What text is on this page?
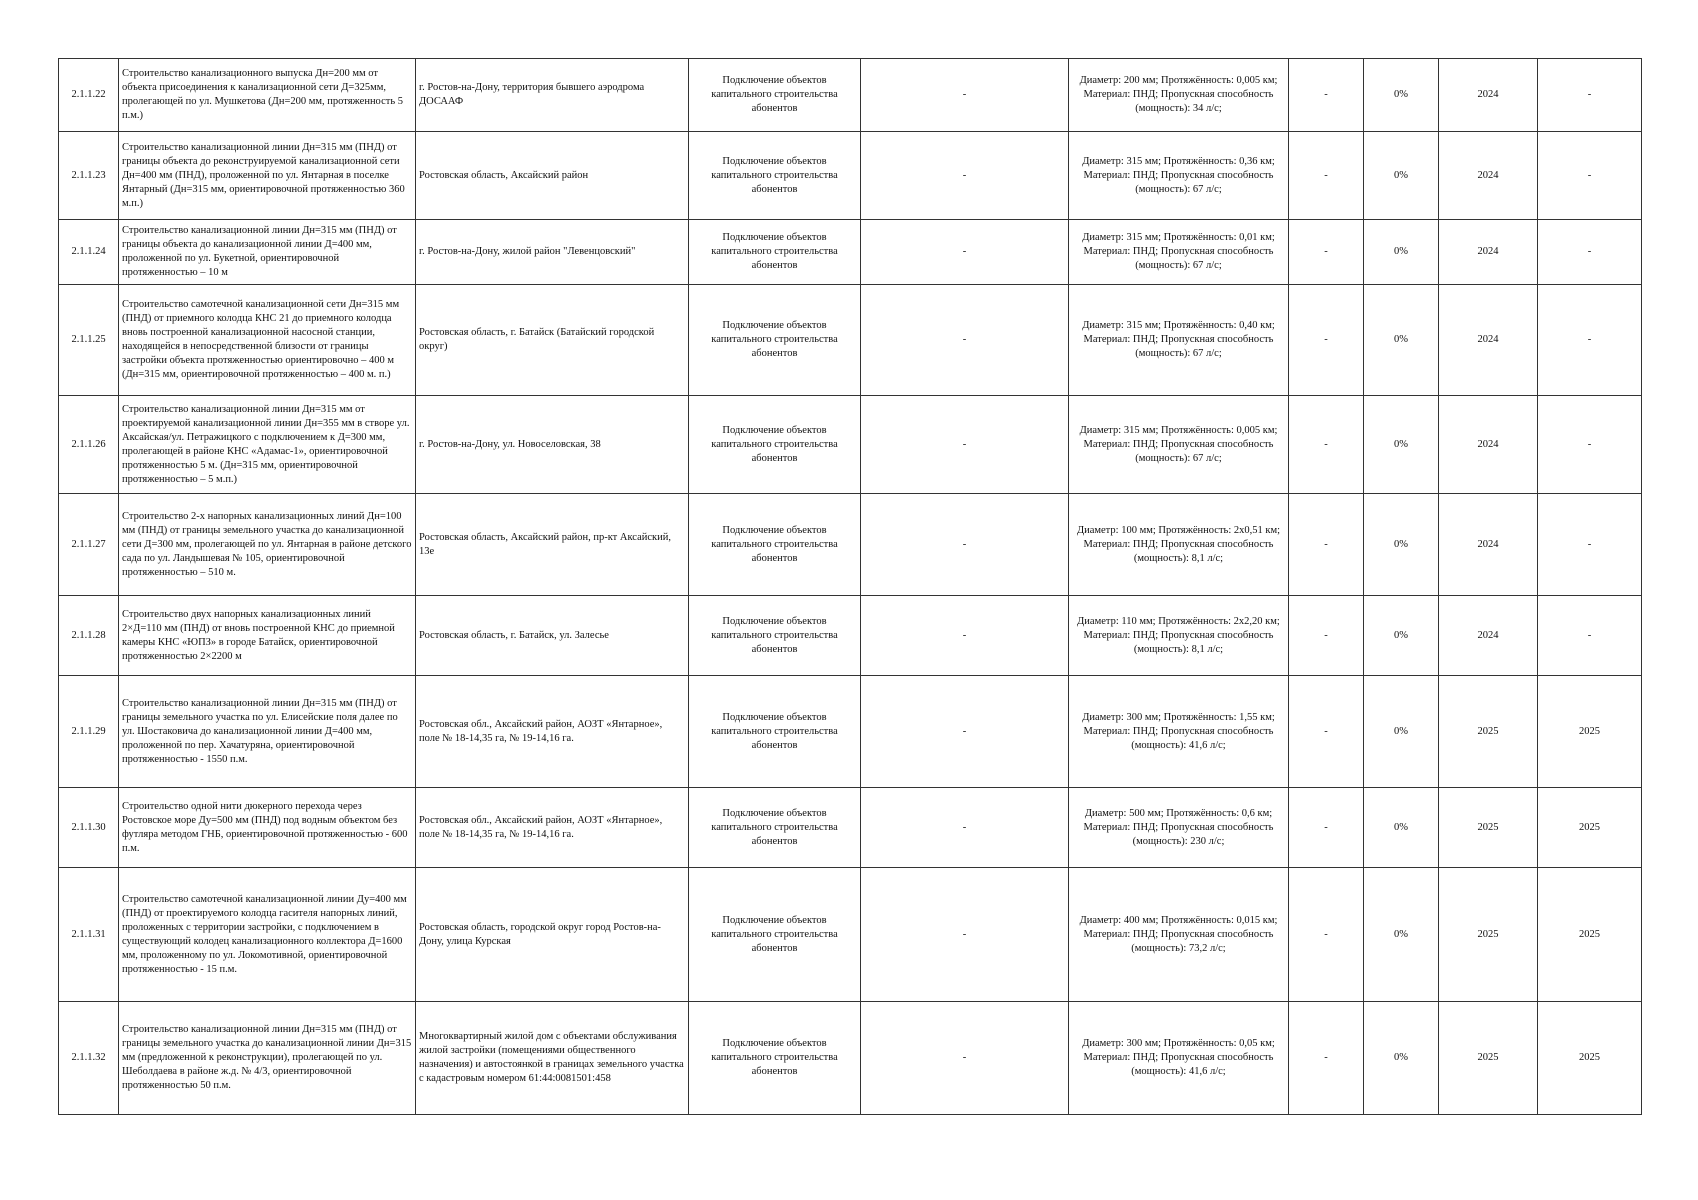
2.1.1.22	Строительство канализационного выпуска Дн=200 мм от объекта присоединения к канализационной сети Д=325мм, пролегающей по ул. Мушкетова (Дн=200 мм, протяженность 5 п.м.)	г. Ростов-на-Дону, территория бывшего аэродрома ДОСААФ	Подключение объектов капитального строительства абонентов	-		Диаметр: 200 мм; Протяжённость: 0,005 км; Материал: ПНД; Пропускная способность (мощность): 34 л/с;	-	0%	2024	-
2.1.1.23	Строительство канализационной линии Дн=315 мм (ПНД) от границы объекта до реконструируемой канализационной сети Дн=400 мм (ПНД), проложенной по ул. Янтарная в поселке Янтарный (Дн=315 мм, ориентировочной протяженностью 360 м.п.)	Ростовская область, Аксайский район	Подключение объектов капитального строительства абонентов	-		Диаметр: 315 мм; Протяжённость: 0,36 км; Материал: ПНД; Пропускная способность (мощность): 67 л/с;	-	0%	2024	-
2.1.1.24	Строительство канализационной линии Дн=315 мм (ПНД) от границы объекта до канализационной линии Д=400 мм, проложенной по ул. Букетной, ориентировочной протяженностью – 10 м	г. Ростов-на-Дону, жилой район "Левенцовский"	Подключение объектов капитального строительства абонентов	-		Диаметр: 315 мм; Протяжённость: 0,01 км; Материал: ПНД; Пропускная способность (мощность): 67 л/с;	-	0%	2024	-
2.1.1.25	Строительство самотечной канализационной сети Дн=315 мм (ПНД) от приемного колодца КНС 21 до приемного колодца вновь построенной канализационной насосной станции, находящейся в непосредственной близости от границы застройки объекта протяженностью ориентировочно – 400 м (Дн=315 мм, ориентировочной протяженностью – 400 м. п.)	Ростовская область, г. Батайск (Батайский городской округ)	Подключение объектов капитального строительства абонентов	-		Диаметр: 315 мм; Протяжённость: 0,40 км; Материал: ПНД; Пропускная способность (мощность): 67 л/с;	-	0%	2024	-
2.1.1.26	Строительство канализационной линии Дн=315 мм от проектируемой канализационной линии Дн=355 мм в створе ул. Аксайская/ул. Петражицкого с подключением к Д=300 мм, пролегающей в районе КНС «Адамас-1», ориентировочной протяженностью 5 м. (Дн=315 мм, ориентировочной протяженностью – 5 м.п.)	г. Ростов-на-Дону, ул. Новоселовская, 38	Подключение объектов капитального строительства абонентов	-		Диаметр: 315 мм; Протяжённость: 0,005 км; Материал: ПНД; Пропускная способность (мощность): 67 л/с;	-	0%	2024	-
2.1.1.27	Строительство 2-х напорных канализационных линий Дн=100 мм (ПНД) от границы земельного участка до канализационной сети Д=300 мм, пролегающей по ул. Янтарная в районе детского сада по ул. Ландышевая № 105, ориентировочной протяженностью – 510 м.	Ростовская область, Аксайский район, пр-кт Аксайский, 13е	Подключение объектов капитального строительства абонентов	-		Диаметр: 100 мм; Протяжённость: 2х0,51 км; Материал: ПНД; Пропускная способность (мощность): 8,1 л/с;	-	0%	2024	-
2.1.1.28	Строительство двух напорных канализационных линий 2×Д=110 мм (ПНД) от вновь построенной КНС до приемной камеры КНС «ЮПЗ» в городе Батайск, ориентировочной протяженностью 2×2200 м	Ростовская область, г. Батайск, ул. Залесье	Подключение объектов капитального строительства абонентов	-		Диаметр: 110 мм; Протяжённость: 2х2,20 км; Материал: ПНД; Пропускная способность (мощность): 8,1 л/с;	-	0%	2024	-
2.1.1.29	Строительство канализационной линии Дн=315 мм (ПНД) от границы земельного участка по ул. Елисейские поля далее по ул. Шостаковича до канализационной линии Д=400 мм, проложенной по пер. Хачатуряна, ориентировочной протяженностью - 1550 п.м.	Ростовская обл., Аксайский район, АОЗТ «Янтарное», поле № 18-14,35 га, № 19-14,16 га.	Подключение объектов капитального строительства абонентов	-		Диаметр: 300 мм; Протяжённость: 1,55 км; Материал: ПНД; Пропускная способность (мощность): 41,6 л/с;	-	0%	2025	2025
2.1.1.30	Строительство одной нити дюкерного перехода через Ростовское море Ду=500 мм (ПНД) под водным объектом без футляра методом ГНБ, ориентировочной протяженностью - 600 п.м.	Ростовская обл., Аксайский район, АОЗТ «Янтарное», поле № 18-14,35 га, № 19-14,16 га.	Подключение объектов капитального строительства абонентов	-		Диаметр: 500 мм; Протяжённость: 0,6 км; Материал: ПНД; Пропускная способность (мощность): 230 л/с;	-	0%	2025	2025
2.1.1.31	Строительство самотечной канализационной линии Ду=400 мм (ПНД) от проектируемого колодца гасителя напорных линий, проложенных с территории застройки, с подключением в существующий колодец канализационного коллектора Д=1600 мм, проложенному по ул. Локомотивной, ориентировочной протяженностью - 15 п.м.	Ростовская область, городской округ город Ростов-на-Дону, улица Курская	Подключение объектов капитального строительства абонентов	-		Диаметр: 400 мм; Протяжённость: 0,015 км; Материал: ПНД; Пропускная способность (мощность): 73,2 л/с;	-	0%	2025	2025
2.1.1.32	Строительство канализационной линии Дн=315 мм (ПНД) от границы земельного участка до канализационной линии Дн=315 мм (предложенной к реконструкции), пролегающей по ул. Шеболдаева в районе ж.д. № 4/3, ориентировочной протяженностью 50 п.м.	Многоквартирный жилой дом с объектами обслуживания жилой застройки (помещениями общественного назначения) и автостоянкой в границах земельного участка с кадастровым номером 61:44:0081501:458	Подключение объектов капитального строительства абонентов	-		Диаметр: 300 мм; Протяжённость: 0,05 км; Материал: ПНД; Пропускная способность (мощность): 41,6 л/с;	-	0%	2025	2025
